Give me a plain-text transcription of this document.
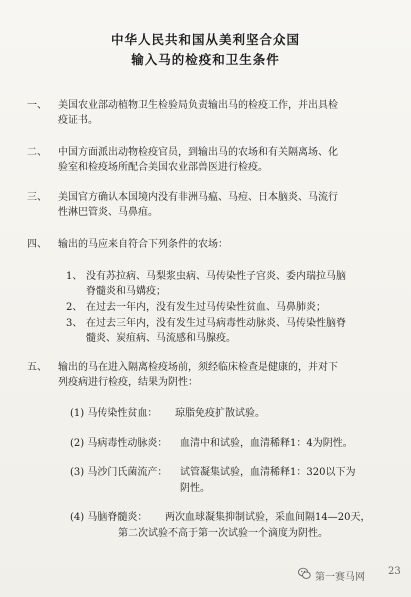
中华人民共和国从美利坚合众国
输入马的检疫和卫生条件
一、 美国农业部动植物卫生检验局负责输出马的检疫工作，并出具检
疫证书。
二、 中国方面派出动物检疫官员，到输出马的农场和有关隔离场、化
验室和检疫场所配合美国农业部兽医进行检疫。
三、 美国官方确认本国境内没有非洲马瘟、马痘、日本脑炎、马流行
性淋巴管炎、马鼻疽。
四、 输出的马应来自符合下列条件的农场：
1、 没有苏拉病、马梨浆虫病、马传染性子宫炎、委内瑞拉马脑
脊髓炎和马媾疫；
2、 在过去一年内，没有发生过马传染性贫血、马鼻肺炎；
3、 在过去三年内，没有发生过马病毒性动脉炎、马传染性脑脊
髓炎、炭疽病、马流感和马腺疫。
五、 输出的马在进入隔离检疫场前，须经临床检查是健康的，并对下
列疫病进行检疫，结果为阴性：
(1) 马传染性贫血： 琼脂免疫扩散试验。
(2) 马病毒性动脉炎： 血清中和试验，血清稀释1：4为阴性。
(3) 马沙门氏菌流产： 试管凝集试验，血清稀释1：320以下为
阴性。
(4) 马脑脊髓炎： 两次血球凝集抑制试验，采血间隔14—20天，
第二次试验不高于第一次试验一个滴度为阴性。
第一赛马网
23
